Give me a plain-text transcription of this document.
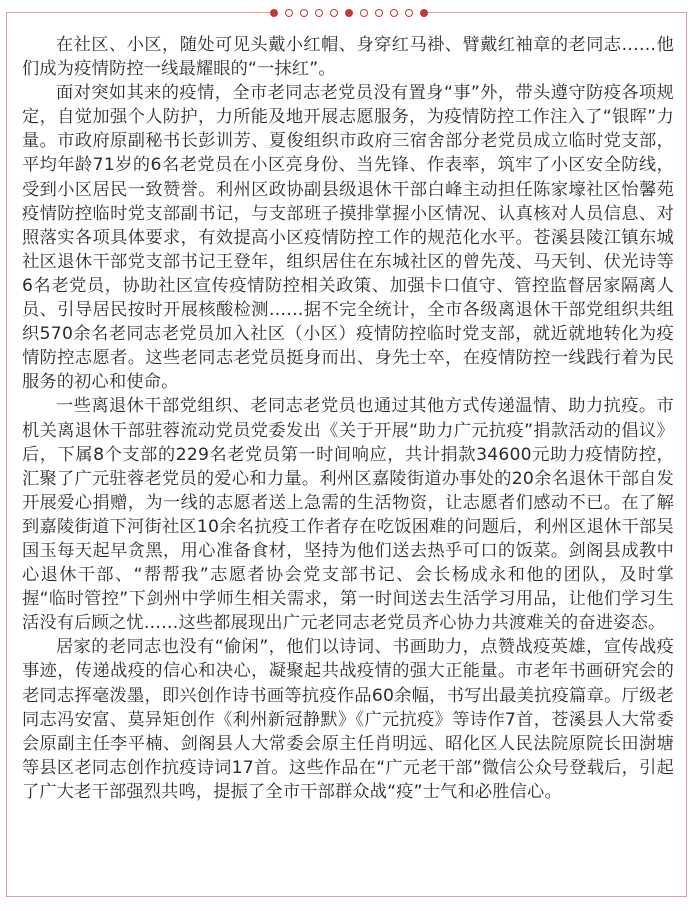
在社区、小区，随处可见头戴小红帽、身穿红马褂、臂戴红袖章的老同志……他们成为疫情防控一线最耀眼的“一抹红”。

面对突如其来的疫情，全市老同志老党员没有置身“事”外，带头遵守防疫各项规定，自觉加强个人防护，力所能及地开展志愿服务，为疫情防控工作注入了“银晖”力量。市政府原副秘书长彭训芳、夏俊组织市政府三宿舍部分老党员成立临时党支部，平均年龄71岁的6名老党员在小区亮身份、当先锋、作表率，筑牢了小区安全防线，受到小区居民一致赞誉。利州区政协副县级退休干部白峰主动担任陈家壕社区怡馨苑疫情防控临时党支部副书记，与支部班子摸排掌握小区情况、认真核对人员信息、对照落实各项具体要求，有效提高小区疫情防控工作的规范化水平。苍溪县陵江镇东城社区退休干部党支部书记王登年，组织居住在东城社区的曾先茂、马天钊、伏光诗等6名老党员，协助社区宣传疫情防控相关政策、加强卡口值守、管控监督居家隔离人员、引导居民按时开展核酸检测……据不完全统计，全市各级离退休干部党组织共组织570余名老同志老党员加入社区（小区）疫情防控临时党支部，就近就地转化为疫情防控志愿者。这些老同志老党员挺身而出、身先士卒，在疫情防控一线践行着为民服务的初心和使命。

一些离退休干部党组织、老同志老党员也通过其他方式传递温情、助力抗疫。市机关离退休干部驻蓉流动党员党委发出《关于开展“助力广元抗疫”捐款活动的倡议》后，下属8个支部的229名老党员第一时间响应，共计捐款34600元助力疫情防控，汇聚了广元驻蓉老党员的爱心和力量。利州区嘉陵街道办事处的20余名退休干部自发开展爱心捐赠，为一线的志愿者送上急需的生活物资，让志愿者们感动不已。在了解到嘉陵街道下河街社区10余名抗疫工作者存在吃饭困难的问题后，利州区退休干部吴国玉每天起早贪黑，用心准备食材，坚持为他们送去热乎可口的饭菜。剑阁县成教中心退休干部、“帮帮我”志愿者协会党支部书记、会长杨成永和他的团队，及时掌握“临时管控”下剑州中学师生相关需求，第一时间送去生活学习用品，让他们学习生活没有后顾之忧……这些都展现出广元老同志老党员齐心协力共渡难关的奋进姿态。

居家的老同志也没有“偷闲”，他们以诗词、书画助力，点赞战疫英雄，宣传战疫事迹，传递战疫的信心和决心，凝聚起共战疫情的强大正能量。市老年书画研究会的老同志挥毫泼墨，即兴创作诗书画等抗疫作品60余幅，书写出最美抗疫篇章。厅级老同志冯安富、莫异矩创作《利州新冠静默》《广元抗疫》等诗作7首，苍溪县人大常委会原副主任李平楠、剑阁县人大常委会原主任肖明远、昭化区人民法院原院长田澍塘等县区老同志创作抗疫诗词17首。这些作品在“广元老干部”微信公众号登载后，引起了广大老干部强烈共鸣，提振了全市干部群众战“疫”士气和必胜信心。
